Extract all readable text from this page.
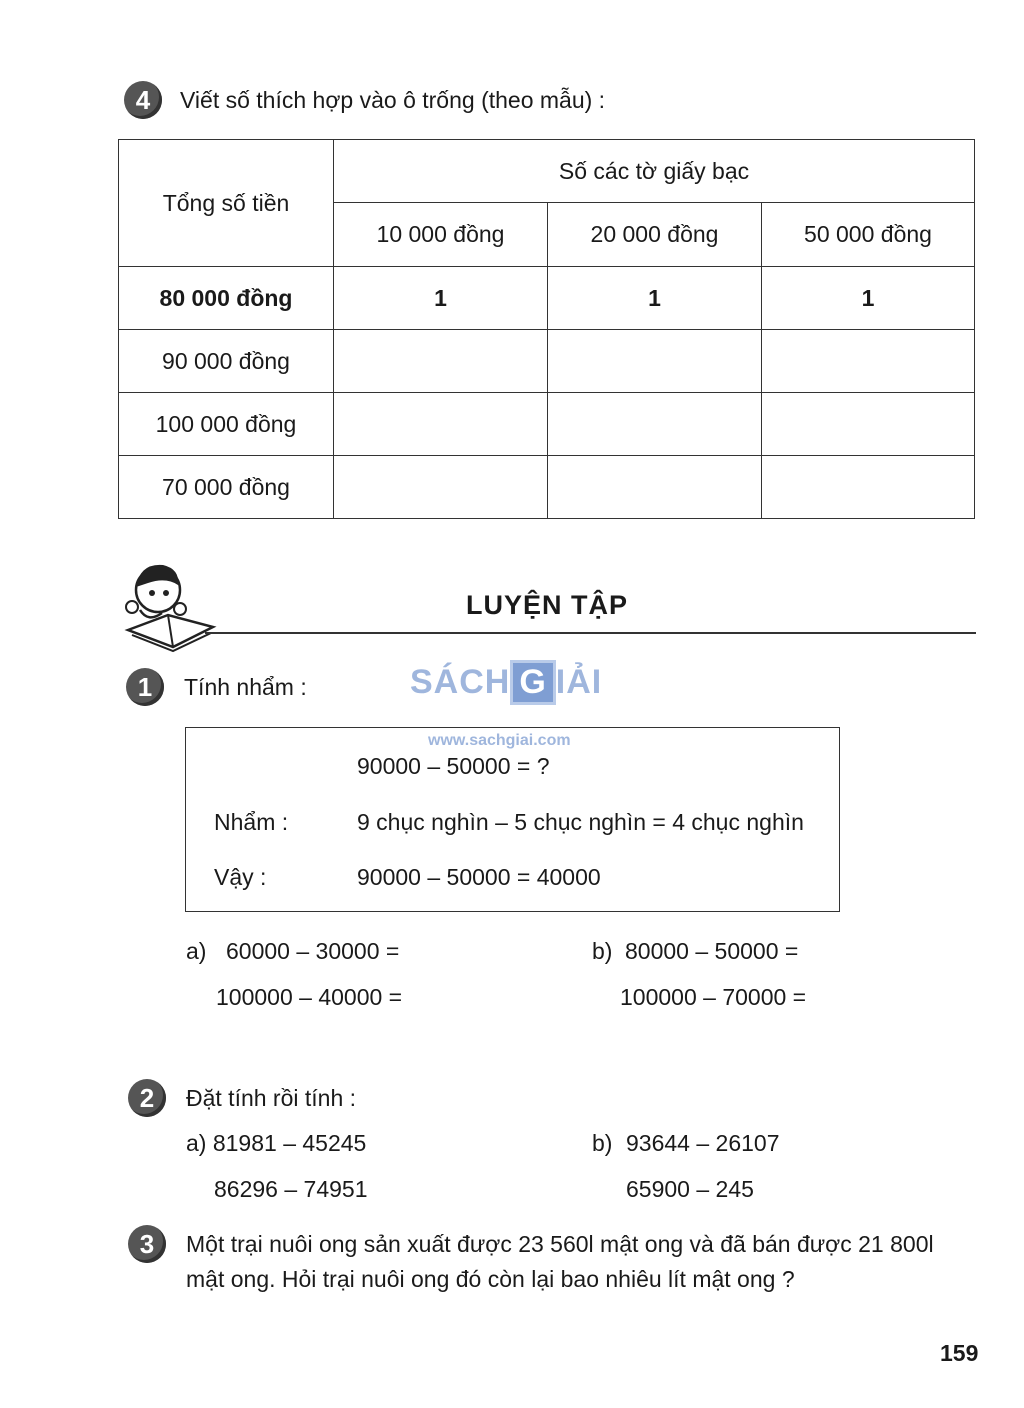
4 Viết số thích hợp vào ô trống (theo mẫu) :
Tổng số tiền	Số các tờ giấy bạc		
	10 000 đồng	20 000 đồng	50 000 đồng
80 000 đồng	1	1	1
90 000 đồng			
100 000 đồng			
70 000 đồng			
LUYỆN TẬP
SÁCH G IẢI
www.sachgiai.com
1 Tính nhẩm :
90000 – 50000 = ?
Nhẩm :	9 chục nghìn – 5 chục nghìn = 4 chục nghìn
Vậy :	90000 – 50000 = 40000
a) 60000 – 30000 =
100000 – 40000 =
b) 80000 – 50000 =
100000 – 70000 =
2 Đặt tính rồi tính :
a) 81981 – 45245
86296 – 74951
b) 93644 – 26107
65900 – 245
3 Một trại nuôi ong sản xuất được 23 560l mật ong và đã bán được 21 800l
mật ong. Hỏi trại nuôi ong đó còn lại bao nhiêu lít mật ong ?
159
